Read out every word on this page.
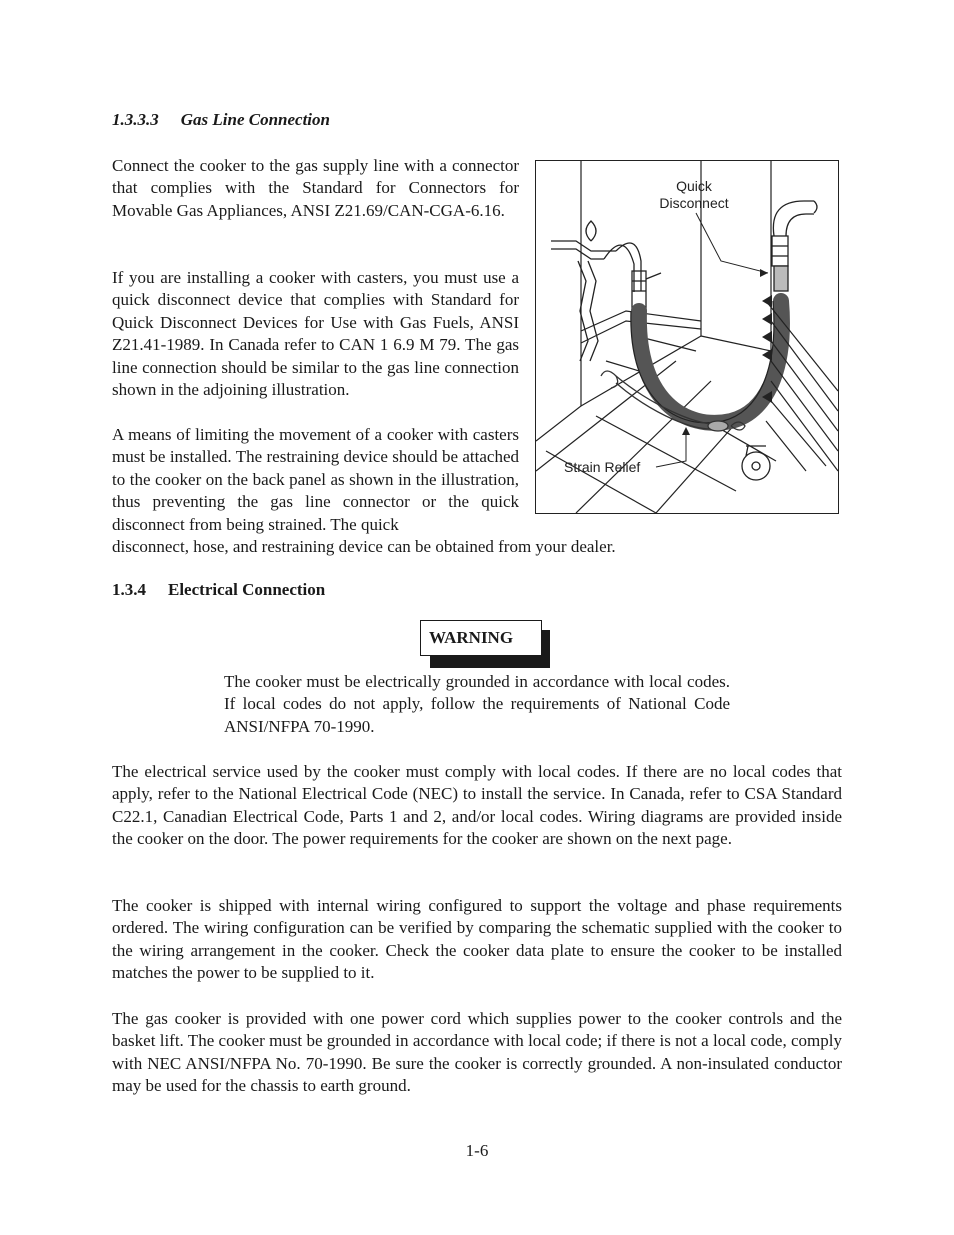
1.3.3.3 Gas Line Connection

Connect the cooker to the gas supply line with a connector that complies with the Standard for Connectors for Movable Gas Appliances, ANSI Z21.69/CAN-CGA-6.16.

If you are installing a cooker with casters, you must use a quick disconnect device that complies with Standard for Quick Disconnect Devices for Use with Gas Fuels, ANSI Z21.41-1989. In Canada refer to CAN 1 6.9 M 79. The gas line connection should be similar to the gas line connection shown in the adjoining illustration.

A means of limiting the movement of a cooker with casters must be installed. The restraining device should be attached to the cooker on the back panel as shown in the illustration, thus preventing the gas line connector or the quick disconnect from being strained. The quick

disconnect, hose, and restraining device can be obtained from your dealer.

Quick
Disconnect
Strain Relief
1.3.4 Electrical Connection
WARNING

The cooker must be electrically grounded in accordance with local codes. If local codes do not apply, follow the requirements of National Code ANSI/NFPA 70-1990.

The electrical service used by the cooker must comply with local codes. If there are no local codes that apply, refer to the National Electrical Code (NEC) to install the service. In Canada, refer to CSA Standard C22.1, Canadian Electrical Code, Parts 1 and 2, and/or local codes. Wiring diagrams are provided inside the cooker on the door. The power requirements for the cooker are shown on the next page.

The cooker is shipped with internal wiring configured to support the voltage and phase requirements ordered. The wiring configuration can be verified by comparing the schematic supplied with the cooker to the wiring arrangement in the cooker. Check the cooker data plate to ensure the cooker to be installed matches the power to be supplied to it.

The gas cooker is provided with one power cord which supplies power to the cooker controls and the basket lift. The cooker must be grounded in accordance with local code; if there is not a local code, comply with NEC ANSI/NFPA No. 70-1990. Be sure the cooker is correctly grounded. A non-insulated conductor may be used for the chassis to earth ground.

1-6
